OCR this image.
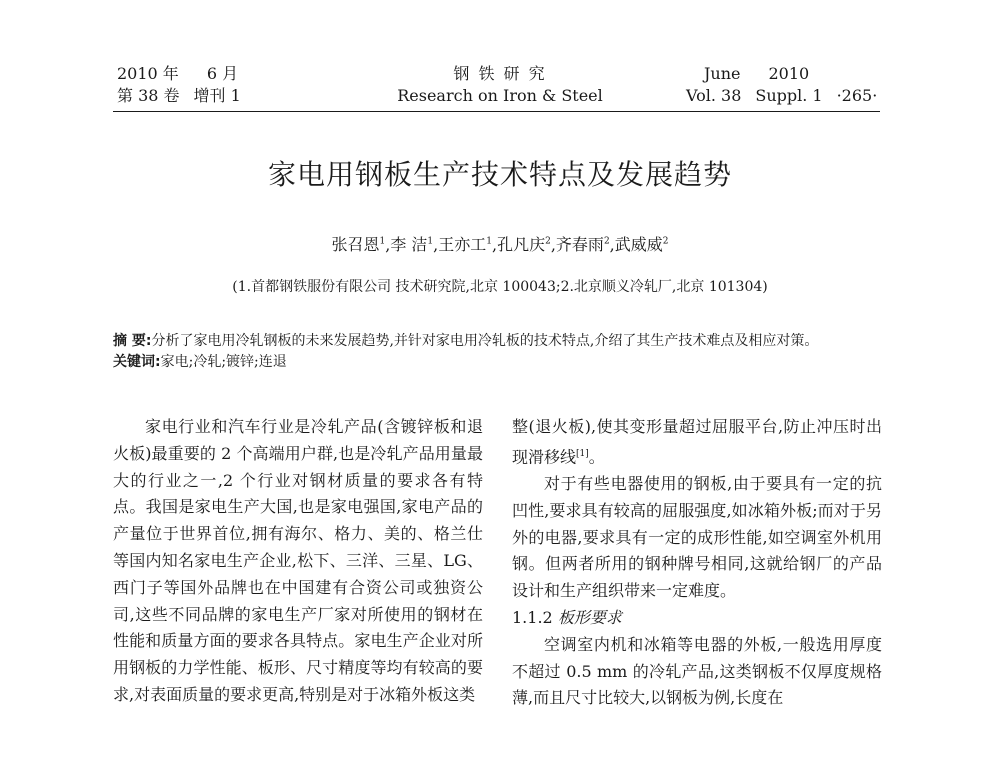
2010 年 6 月
第 38 卷 增刊 1
钢 铁 研 究
Research on Iron & Steel
June 2010
Vol. 38 Suppl. 1 ·265·
家电用钢板生产技术特点及发展趋势
张召恩$^1$,李 洁$^1$,王亦工$^1$,孔凡庆$^2$,齐春雨$^2$,武威威$^2$
(1.首都钢铁服份有限公司 技术研究院,北京 100043;2.北京顺义冷轧厂,北京 101304)
摘 要:分析了家电用冷轧钢板的未来发展趋势,并针对家电用冷轧板的技术特点,介绍了其生产技术难点及相应对策。
关键词:家电;冷轧;镀锌;连退

家电行业和汽车行业是冷轧产品(含镀锌板和退火板)最重要的 2 个高端用户群,也是冷轧产品用量最大的行业之一,2 个行业对钢材质量的要求各有特点。我国是家电生产大国,也是家电强国,家电产品的产量位于世界首位,拥有海尔、格力、美的、格兰仕等国内知名家电生产企业,松下、三洋、三星、LG、西门子等国外品牌也在中国建有合资公司或独资公司,这些不同品牌的家电生产厂家对所使用的钢材在性能和质量方面的要求各具特点。家电生产企业对所用钢板的力学性能、板形、尺寸精度等均有较高的要求,对表面质量的要求更高,特别是对于冰箱外板这类

整(退火板),使其变形量超过屈服平台,防止冲压时出现滑移线[1]。

对于有些电器使用的钢板,由于要具有一定的抗凹性,要求具有较高的屈服强度,如冰箱外板;而对于另外的电器,要求具有一定的成形性能,如空调室外机用钢。但两者所用的钢种牌号相同,这就给钢厂的产品设计和生产组织带来一定难度。

1.1.2 板形要求

空调室内机和冰箱等电器的外板,一般选用厚度不超过 0.5 mm 的冷轧产品,这类钢板不仅厚度规格薄,而且尺寸比较大,以钢板为例,长度在
